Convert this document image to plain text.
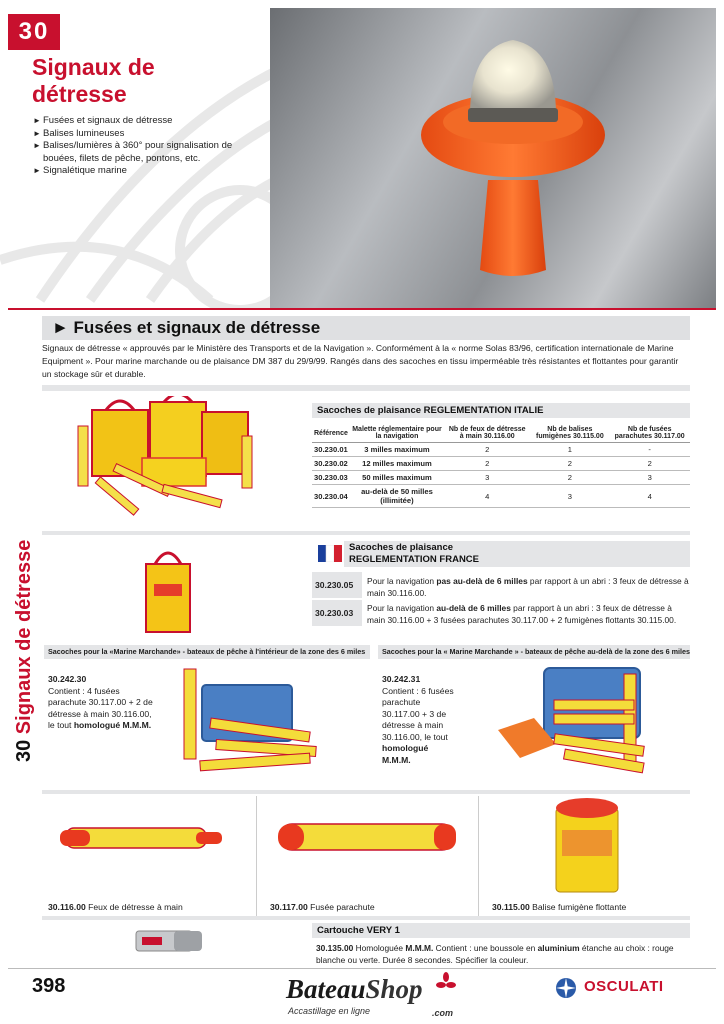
30
Signaux de détresse
► Fusées et signaux de détresse
► Balises lumineuses
► Balises/lumières à 360° pour signalisation de bouées, filets de pêche, pontons, etc.
► Signalétique marine
30 Signaux de détresse
► Fusées et signaux de détresse
Signaux de détresse « approuvés par le Ministère des Transports et de la Navigation ». Conformément à la « norme Solas 83/96, certification internationale de Marine Equipment ». Pour marine marchande ou de plaisance DM 387 du 29/9/99. Rangés dans des sacoches en tissu imperméable très résistantes et flottantes pour garantir un stockage sûr et durable.
Sacoches de plaisance REGLEMENTATION ITALIE
Référence	Malette réglementaire pour la navigation	Nb de feux de détresse à main 30.116.00	Nb de balises fumigènes 30.115.00	Nb de fusées parachutes 30.117.00
30.230.01	3 milles maximum	2	1	-
30.230.02	12 milles maximum	2	2	2
30.230.03	50 milles maximum	3	2	3
30.230.04	au-delà de 50 milles (illimitée)	4	3	4
Sacoches de plaisance
REGLEMENTATION FRANCE
30.230.05 Pour la navigation pas au-delà de 6 milles par rapport à un abri : 3 feux de détresse à main 30.116.00.
30.230.03 Pour la navigation au-delà de 6 milles par rapport à un abri : 3 feux de détresse à main 30.116.00 + 3 fusées parachutes 30.117.00 + 2 fumigènes flottants 30.115.00.
Sacoches pour la «Marine Marchande» - bateaux de pêche à l'intérieur de la zone des 6 miles	Sacoches pour la « Marine Marchande » - bateaux de pêche au-delà de la zone des 6 miles
30.242.30
Contient : 4 fusées
parachute 30.117.00 + 2 de
détresse à main 30.116.00,
le tout homologué M.M.M.
30.242.31
Contient : 6 fusées
parachute
30.117.00 + 3 de
détresse à main
30.116.00, le tout
homologué
M.M.M.
30.116.00 Feux de détresse à main	30.117.00 Fusée parachute	30.115.00 Balise fumigène flottante
Cartouche VERY 1
30.135.00 Homologuée M.M.M. Contient : une boussole en aluminium étanche au choix : rouge blanche ou verte. Durée 8 secondes. Spécifier la couleur.
398	BateauShop
Accastillage en ligne	.com
OSCULATI
